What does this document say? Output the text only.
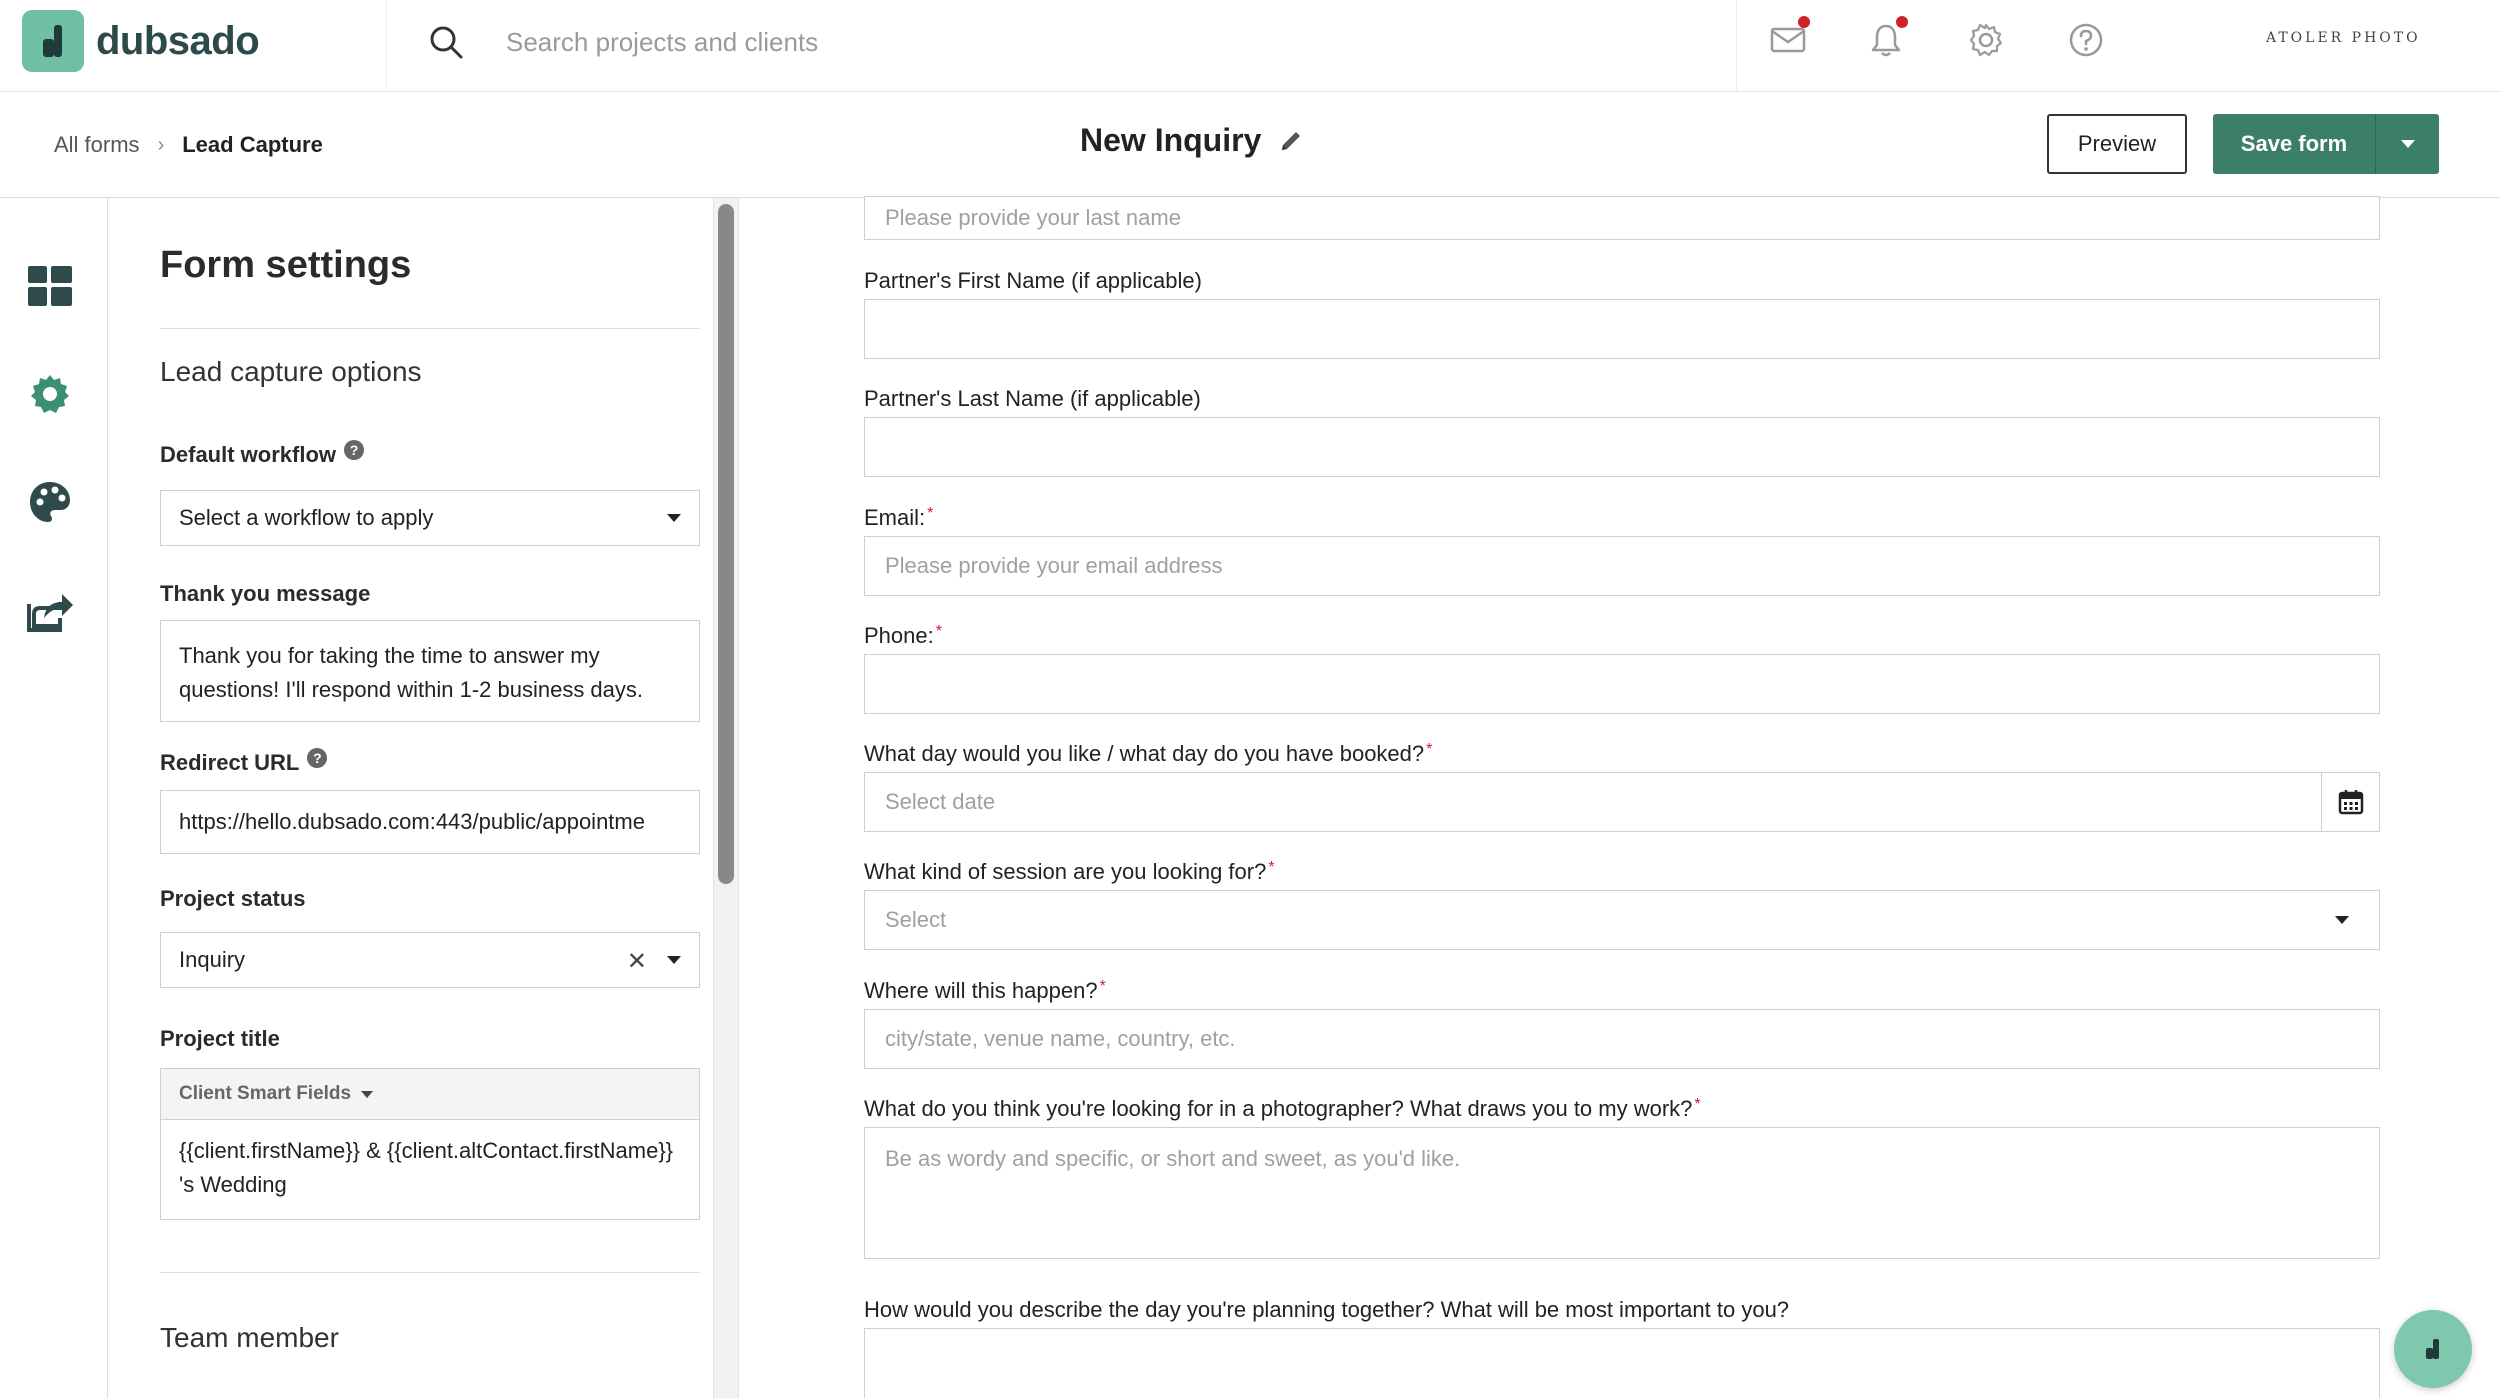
dubsado
Search projects and clients	ATOLER PHOTO
All forms › Lead Capture	New Inquiry	Preview	Save form
Form settings
Lead capture options
Default workflow ?
Select a workflow to apply
Thank you message
Thank you for taking the time to answer my questions! I'll respond within 1-2 business days.
Redirect URL ?
https://hello.dubsado.com:443/public/appointme
Project status
Inquiry	✕
Project title
Client Smart Fields
{{client.firstName}} & {{client.altContact.firstName}} 's Wedding
Team member
Please provide your last name
Partner's First Name (if applicable)
Partner's Last Name (if applicable)
Email: *
Please provide your email address
Phone: *
What day would you like / what day do you have booked? *
Select date
What kind of session are you looking for? *
Select
Where will this happen? *
city/state, venue name, country, etc.
What do you think you're looking for in a photographer? What draws you to my work? *
Be as wordy and specific, or short and sweet, as you'd like.
How would you describe the day you're planning together? What will be most important to you?
